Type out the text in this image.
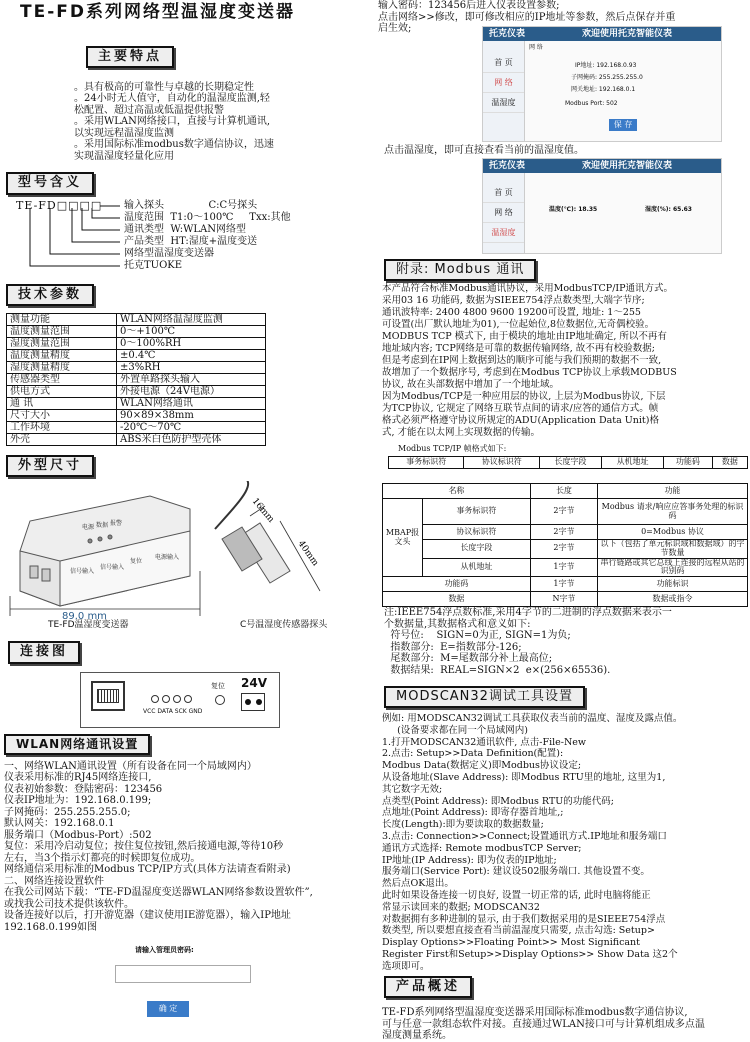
TE-FD系列网络型温湿度变送器
主要特点
。具有极高的可靠性与卓越的长期稳定性
。24小时无人值守，自动化的温湿度监测,轻
松配置、超过高温或低温提供报警
。采用WLAN网络接口，直接与计算机通讯,
以实现远程温湿度监测
。采用国际标准modbus数字通信协议，迅速
实现温湿度轻量化应用
型号含义
TE-FD□□□□ 输入探头              C:C号探头
温度范围  T1:0～100℃     Txx:其他
通讯类型  W:WLAN网络型
产品类型  HT:湿度+温度变送
网络型温湿度变送器
托克TUOKE
技术参数
测量功能	WLAN网络温湿度监测
温度测量范围	0～+100℃
湿度测量范围	0～100%RH
温度测量精度	±0.4℃
湿度测量精度	±3%RH
传感器类型	外置单路探头输入
供电方式	外接电源（24V电源）
通 讯	WLAN网络通讯
尺寸大小	90×89×38mm
工作环境	-20℃～70℃
外壳	ABS米白色防护型壳体
外型尺寸
信号输入
信号输入
复位
电源输入
电源 数据 报警
89.0 mm
16mm
40mm
TE-FD温湿度变送器	C号温湿度传感器探头
连接图
VCC DATA SCK GND
复位 24V
WLAN网络通讯设置
一、网络WLAN通讯设置（所有设备在同一个局域网内）
仪表采用标准的RJ45网络连接口,
仪表初始参数：登陆密码：123456
仪表IP地址为：192.168.0.199;
子网掩码：255.255.255.0;
默认网关：192.168.0.1
服务端口（Modbus-Port）:502
复位：采用冷启动复位；按住复位按钮,然后接通电源,等待10秒
左右，当3个指示灯都亮的时候即复位成功。
网络通信采用标准的Modbus TCP/IP方式(具体方法请查看附录)
二、网络连接设置软件
在我公司网站下载：“TE-FD温湿度变送器WLAN网络参数设置软件”,
或找我公司技术提供该软件。
设备连接好以后，打开游览器（建议使用IE游览器），输入IP地址
192.168.0.199如图
请输入管理员密码:
确 定
输入密码：123456后进入仪表设置参数;
点击网络>>修改，即可修改相应的IP地址等参数，然后点保存并重
启生效;	托克仪表	欢迎使用托克智能仪表
首 页
网 络
温湿度
网 络
IP地址: 192.168.0.93
子网掩码: 255.255.255.0
网关地址: 192.168.0.1
Modbus Port: 502
保 存
点击温湿度，即可直接查看当前的温湿度值。
托克仪表	欢迎使用托克智能仪表
首 页
网 络
温湿度
温度(℃): 18.35	湿度(%): 65.63
附录: Modbus 通讯
本产品符合标准Modbus通讯协议，采用ModbusTCP/IP通讯方式。
采用03 16 功能码, 数据为SIEEE754浮点数类型,大端字节序;
通讯波特率: 2400 4800 9600 19200可设置, 地址: 1～255
可设置(出厂默认地址为01),一位起始位,8位数据位,无奇偶校验。
MODBUS TCP 模式下, 由于模块的地址由IP地址确定, 所以不再有
地址域内容; TCP网络是可靠的数据传输网络, 故不再有校验数据;
但是考虑到在IP网上数据到达的顺序可能与我们预期的数据不一致,
故增加了一个数据序号, 考虑到在Modbus TCP协议上承载MODBUS
协议, 故在头部数据中增加了一个地址域。
因为Modbus/TCP是一种应用层的协议, 上层为Modbus协议, 下层
为TCP协议, 它规定了网络互联节点间的请求/应答的通信方式。帧
格式必须严格遵守协议所规定的ADU(Application Data Unit)格
式, 才能在以太网上实现数据的传输。
Modbus TCP/IP 帧格式如下:
事务标识符	协议标识符	长度字段	从机地址	功能码	数据
名称		长度	功能
MBAP报文头	事务标识符	2字节	Modbus 请求/响应应答事务处理的标识码
	协议标识符	2字节	0=Modbus 协议
	长度字段	2字节	以下（包括了单元标识域和数据域）的字节数量
	从机地址	1字节	串行链路或其它总线上连接的远程从站的识别码
功能码		1字节	功能标识
数据		N字节	数据或指令
注:IEEE754浮点数标准,采用4字节的二进制的浮点数据来表示一
个数据量,其数据格式和意义如下:
符号位:    SIGN=0为正, SIGN=1为负;
指数部分:  E=指数部分-126;
尾数部分:  M=尾数部分补上最高位;
数据结果:  REAL=SIGN×2  e×(256×65536).
MODSCAN32调试工具设置
例如: 用MODSCAN32调试工具获取仪表当前的温度、湿度及露点值。
(设备要求都在同一个局域网内)
1.打开MODSCAN32通讯软件, 点击-File-New
2.点击: Setup>>Data Definition(配置):
Modbus Data(数据定义)即Modbus协议设定;
从设备地址(Slave Address): 即Modbus RTU里的地址, 这里为1,
其它数字无效;
点类型(Point Address): 即Modbus RTU的功能代码;
点地址(Point Address): 即寄存器首地址,;
长度(Length):即为要读取的数据数量;
3.点击: Connection>>Connect;设置通讯方式.IP地址和服务端口
通讯方式选择: Remote modbusTCP Server;
IP地址(IP Address): 即为仪表的IP地址;
服务端口(Service Port): 建议设502服务端口. 其他设置不变。
然后点OK退出。
此时如果设备连接一切良好, 设置一切正常的话, 此时电脑将能正
常显示读回来的数据; MODSCAN32
对数据拥有多种进制的显示, 由于我们数据采用的是SIEEE754浮点
数类型, 所以要想直接查看当前温湿度只需要, 点击勾选: Setup>
Display Options>>Floating Point>> Most Significant
Register First和Setup>>Display Options>> Show Data 这2个
选项即可。
产品概述
TE-FD系列网络型温湿度变送器采用国际标准modbus数字通信协议,
可与任意一款组态软件对接。直接通过WLAN接口可与计算机组成多点温
湿度测量系统。
